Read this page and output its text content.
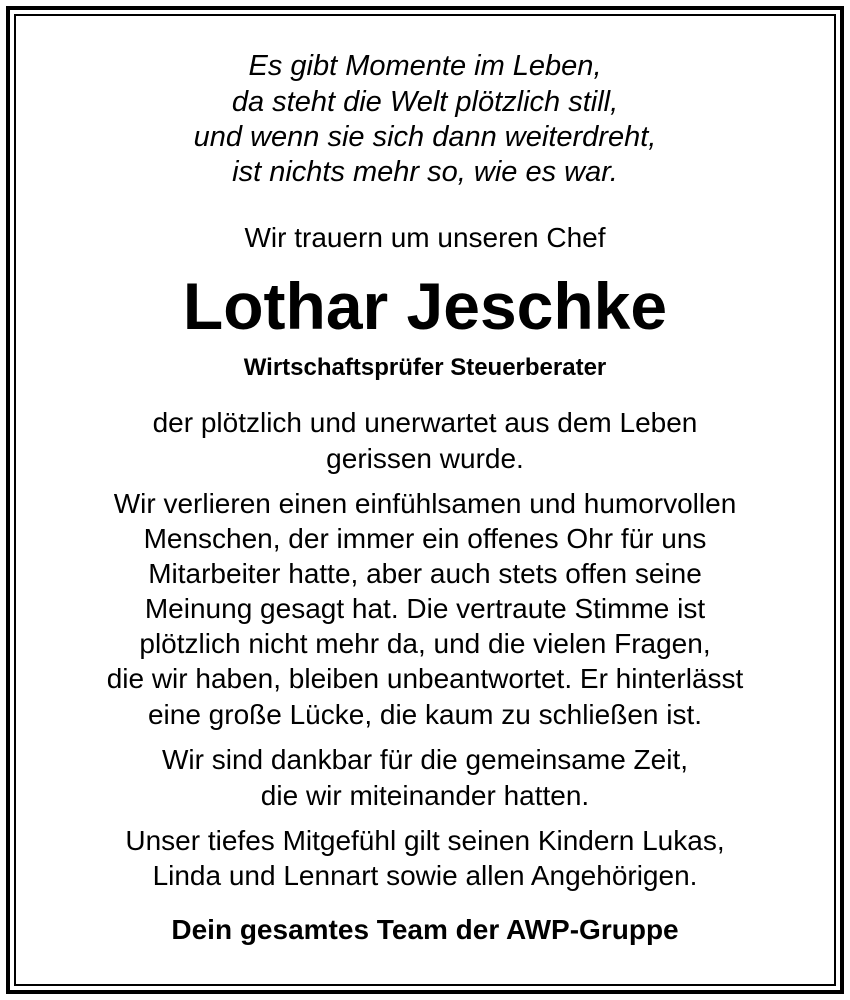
Es gibt Momente im Leben,
da steht die Welt plötzlich still,
und wenn sie sich dann weiterdreht,
ist nichts mehr so, wie es war.
Wir trauern um unseren Chef
Lothar Jeschke
Wirtschaftsprüfer Steuerberater
der plötzlich und unerwartet aus dem Leben
gerissen wurde.
Wir verlieren einen einfühlsamen und humorvollen
Menschen, der immer ein offenes Ohr für uns
Mitarbeiter hatte, aber auch stets offen seine
Meinung gesagt hat. Die vertraute Stimme ist
plötzlich nicht mehr da, und die vielen Fragen,
die wir haben, bleiben unbeantwortet. Er hinterlässt
eine große Lücke, die kaum zu schließen ist.
Wir sind dankbar für die gemeinsame Zeit,
die wir miteinander hatten.
Unser tiefes Mitgefühl gilt seinen Kindern Lukas,
Linda und Lennart sowie allen Angehörigen.
Dein gesamtes Team der AWP-Gruppe
